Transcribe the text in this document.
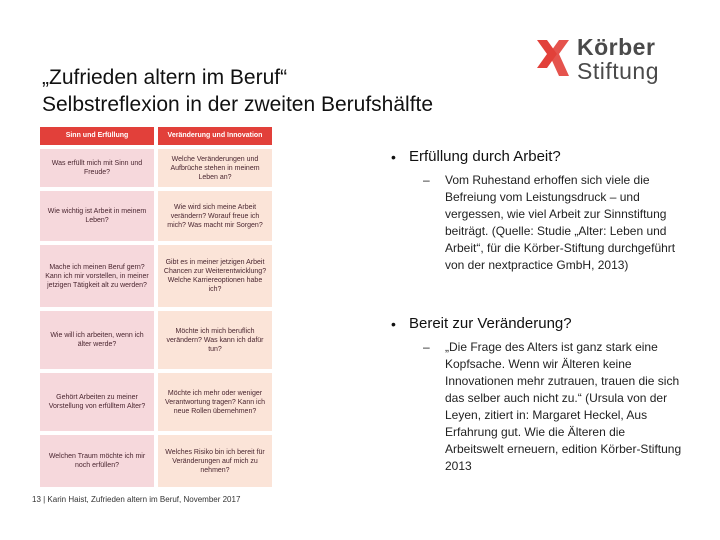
„Zufrieden altern im Beruf“
Selbstreflexion in der zweiten Berufshälfte
Körber
Stiftung
Sinn und Erfüllung	Veränderung und Innovation
Was erfüllt mich mit Sinn und Freude?
Welche Veränderungen und Aufbrüche stehen in meinem Leben an?
Wie wichtig ist Arbeit in meinem Leben?
Wie wird sich meine Arbeit verändern? Worauf freue ich mich? Was macht mir Sorgen?
Mache ich meinen Beruf gern? Kann ich mir vorstellen, in meiner jetzigen Tätigkeit alt zu werden?
Gibt es in meiner jetzigen Arbeit Chancen zur Weiterentwicklung? Welche Karriereoptionen habe ich?
Wie will ich arbeiten, wenn ich älter werde?
Möchte ich mich beruflich verändern? Was kann ich dafür tun?
Gehört Arbeiten zu meiner Vorstellung von erfülltem Alter?
Möchte ich mehr oder weniger Verantwortung tragen? Kann ich neue Rollen übernehmen?
Welchen Traum möchte ich mir noch erfüllen?
Welches Risiko bin ich bereit für Veränderungen auf mich zu nehmen?
13 | Karin Haist, Zufrieden altern im Beruf, November 2017
• Erfüllung durch Arbeit?
– Vom Ruhestand erhoffen sich viele die Befreiung vom Leistungsdruck – und vergessen, wie viel Arbeit zur Sinnstiftung beiträgt. (Quelle: Studie „Alter: Leben und Arbeit“, für die Körber-Stiftung durchgeführt von der nextpractice GmbH, 2013)
• Bereit zur Veränderung?
– „Die Frage des Alters ist ganz stark eine Kopfsache. Wenn wir Älteren keine Innovationen mehr zutrauen, trauen die sich das selber auch nicht zu.“ (Ursula von der Leyen, zitiert in: Margaret Heckel, Aus Erfahrung gut. Wie die Älteren die Arbeitswelt erneuern, edition Körber-Stiftung 2013
